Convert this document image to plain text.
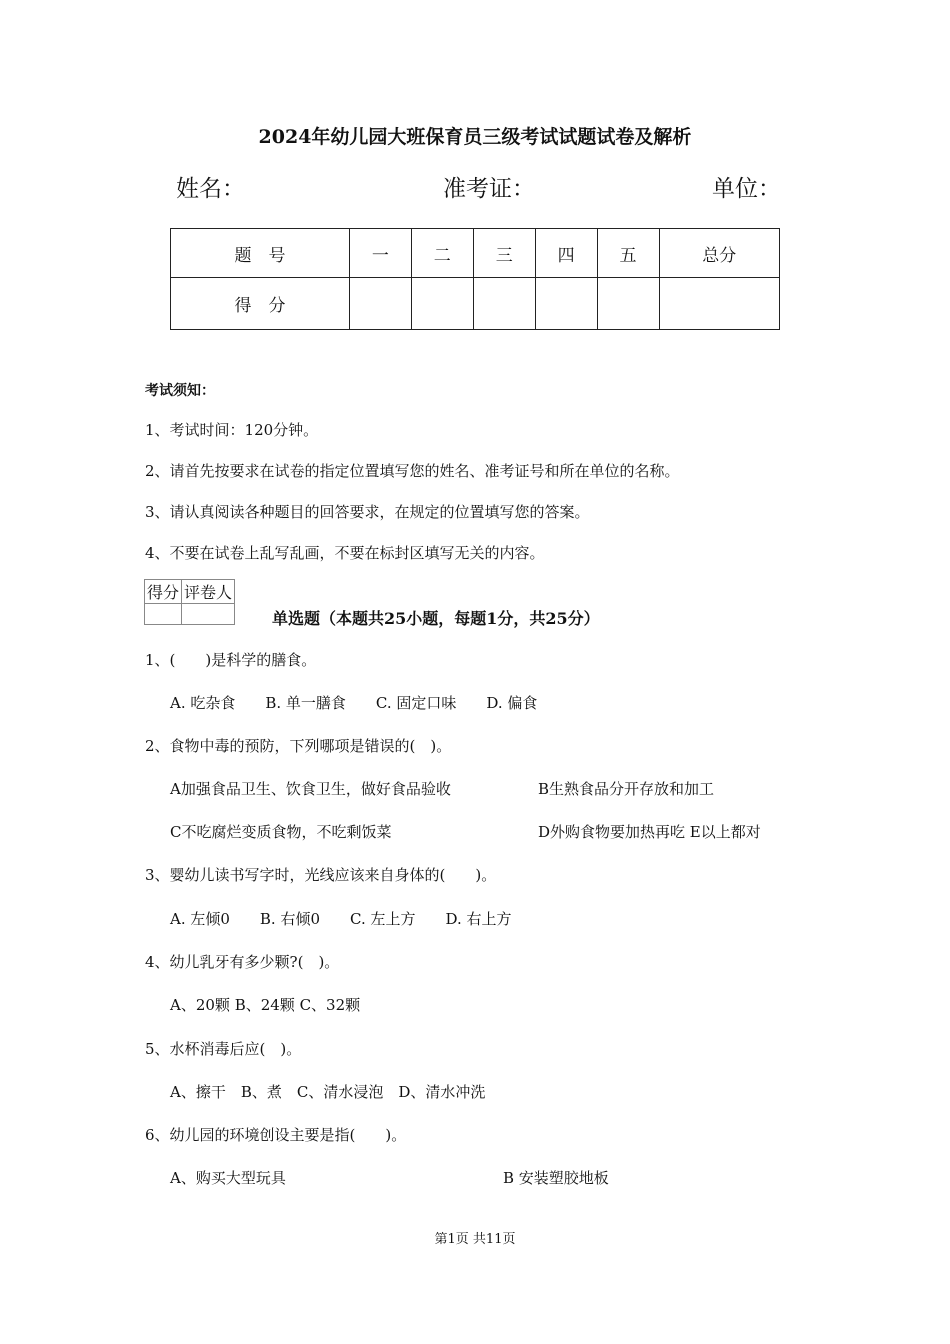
2024年幼儿园大班保育员三级考试试题试卷及解析
姓名：	准考证：	单位：
题　号	一	二	三	四	五	总分
得　分						
考试须知：
1、考试时间：120分钟。
2、请首先按要求在试卷的指定位置填写您的姓名、准考证号和所在单位的名称。
3、请认真阅读各种题目的回答要求，在规定的位置填写您的答案。
4、不要在试卷上乱写乱画，不要在标封区填写无关的内容。
得分	评卷人

单选题（本题共25小题，每题1分，共25分）
1、(　　)是科学的膳食。
A. 吃杂食　　B. 单一膳食　　C. 固定口味　　D. 偏食
2、食物中毒的预防，下列哪项是错误的(　)。
A加强食品卫生、饮食卫生，做好食品验收	B生熟食品分开存放和加工
C不吃腐烂变质食物，不吃剩饭菜	D外购食物要加热再吃 E以上都对
3、婴幼儿读书写字时，光线应该来自身体的(　　)。
A. 左倾0　　B. 右倾0　　C. 左上方　　D. 右上方
4、幼儿乳牙有多少颗?(　)。
A、20颗 B、24颗 C、32颗
5、水杯消毒后应(　)。
A、擦干　B、煮　C、清水浸泡　D、清水冲洗
6、幼儿园的环境创设主要是指(　　)。
A、购买大型玩具	B 安装塑胶地板
第1页 共11页
